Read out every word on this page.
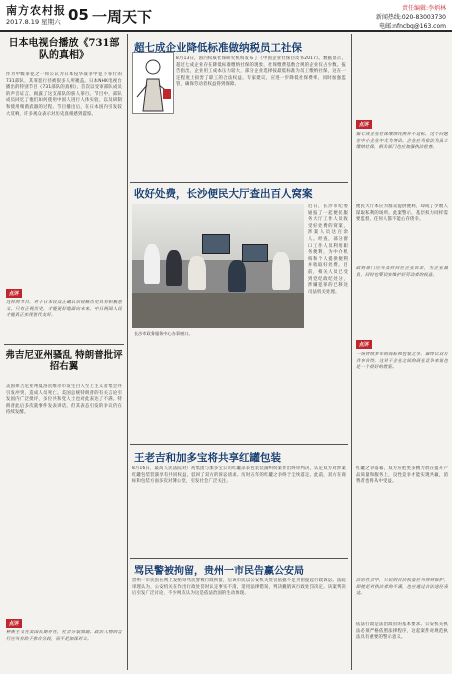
南方农村报
2017.8.19 星期六 05 一周天下	责任编辑:李炳林
新闻热线:020-83003730
电邮:nfncbq@163.com
日本电视台播放《731部队的真相》
作为甲级罪犯之一和公认为日本侵华战争中犯下罪行的731部队，其罪恶行径被很多人所掩盖。日本NHK电视台播出的特别节目《731部队的真相》，首次以受审部队成员的声音证言，揭露了这支部队的骇人罪行。节目中，部队成员回忆了他们如何使用中国人进行人体实验，以及研制和使用细菌武器的过程。节目播出后，在日本国内引发较大反响，许多观众表示对历史真相感到震惊。
点评
这样的节目，对于日本民众正确认识侵略历史具有积极意义。只有正视历史，才能更好地面向未来，中日两国人民才能真正实现世代友好。
弗吉尼亚州骚乱 特朗普批评招右翼
美国弗吉尼亚州夏洛茨维尔市发生白人至上主义者集会并引发冲突，造成人员死亡。美国总统特朗普的有关言论引发国内广泛批评，多位共和党人士也对此表达了不满。特朗普此后多次就事件发表讲话，但其表态引发的争议仍在持续发酵。
点评
种族主义在美国长期存在，社会分裂加剧。政治人物的言行应当有助于弥合分歧，而不是加深对立。
超七成企业降低标准做纳税员工社保
8月13日，国内权威社保研究机构发布了《中国企业社保白皮书2017》。数据显示，超过七成企业存在降低标准缴纳社保的现象，社保缴费基数合规的企业仅占少数。报告指出，企业用工成本压力较大，部分企业选择按最低标准为员工缴纳社保，这在一定程度上损害了职工的合法权益。专家建议，应进一步降低社保费率，同时加强监管，确保劳动者权益得到保障。
收好处费，长沙便民大厅查出百人窝案
长沙市政务服务中心办事窗口。
近日，长沙市纪委通报了一起便民服务大厅工作人员收受好处费的窝案，涉案人员达百余人。经查，部分窗口工作人员利用职务便利，为中介机构和个人提供便利并收取好处费。目前，相关人员已受到党纪政纪处分，涉嫌犯罪的已移送司法机关处理。
王老吉和加多宝将共享红罐包装
8月16日，最高人民法院对广药集团与加多宝公司红罐凉茶包装装潢纠纷案作出终审判决，认定双方对涉案红罐包装装潢享有共同权益，驳回了双方的诉讼请求。历时五年的红罐之争终于尘埃落定。此前，双方在商标和包装方面多次对簿公堂，引发社会广泛关注。
骂民警被拘留，贵州一市民告赢公安局
贵州一市民因在网上发帖辱骂民警被行政拘留，后该市民以公安机关处罚依据不足为由提起行政诉讼。法院审理认为，公安机关在作出行政处罚时认定事实不清，适用法律错误，判决撤销该行政处罚决定。该案判决后引发广泛讨论，不少网友认为这是依法治国的生动体现。
点评
据七成企业社保缴纳比例并不达标，这个问题在中小企业中尤为突出。企业应当依法为员工缴纳社保，相关部门也应加强执法检查。
便民大厅本应为群众提供便利，却成了少数人谋取私利的场所。此案警示，基层权力同样需要监督，任何人都不能心存侥幸。
政府部门应当及时回应企业诉求，为企业减负，同时也要切实维护好劳动者的权益。
点评
一场持续多年的商标和包装之争，最终以双方共享告终，这对于企业之间的商业竞争来说也是一个很好的借鉴。
红罐之争落幕，双方应把更多精力放在提升产品质量和服务上，良性竞争才能实现共赢，消费者也将从中受益。
法治社会中，公民的合法权益应当得到保护，即使是对执法者的不满，也应通过合法途径表达。
依法行政是法治政府的基本要求。公安机关执法必须严格依照法律程序，这起案件对规范执法具有重要的警示意义。
